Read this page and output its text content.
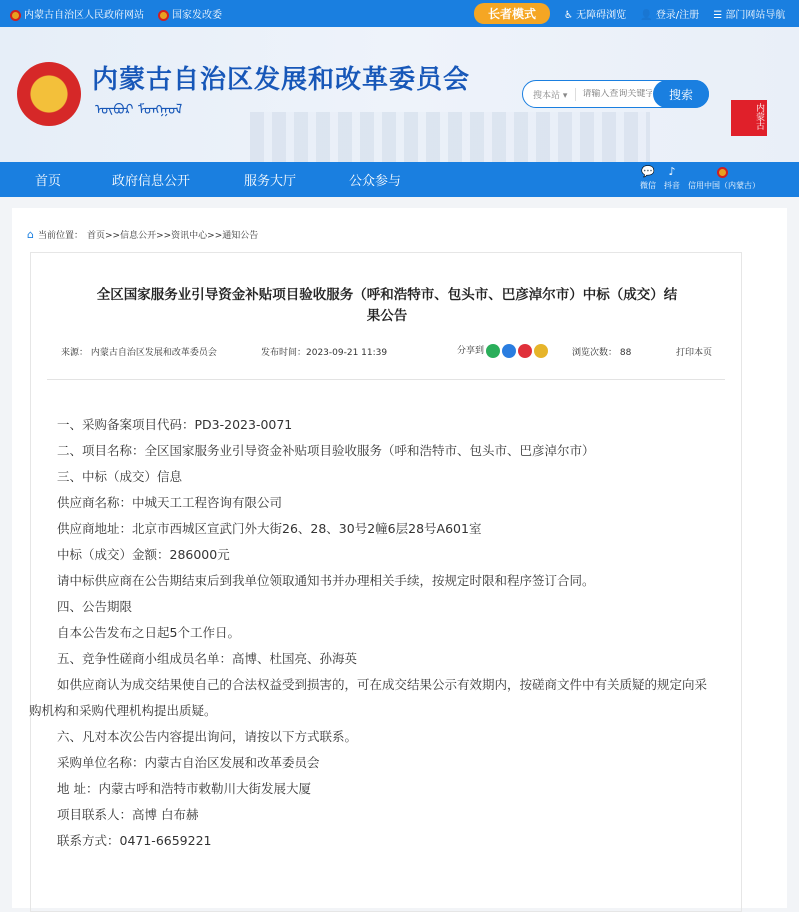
内蒙古自治区人民政府网站	国家发改委	长者模式	♿ 无障碍浏览 👤 登录/注册 ☰ 部门网站导航
内蒙古自治区发展和改革委员会
ᠥᠪᠦᠷ ᠮᠣᠩᠭᠣᠯ
搜本站 ▾
请输入查询关键字	搜索
内蒙古
首页	政府信息公开	服务大厅	公众参与
💬
微信
♪
抖音 信用中国（内蒙古）
⌂ 当前位置： 首页>>信息公开>>资讯中心>>通知公告
全区国家服务业引导资金补贴项目验收服务（呼和浩特市、包头市、巴彦淖尔市）中标（成交）结果公告
来源： 内蒙古自治区发展和改革委员会	发布时间：2023-09-21 11:39	分享到	浏览次数： 88	打印本页

一、采购备案项目代码：PD3-2023-0071

二、项目名称：全区国家服务业引导资金补贴项目验收服务（呼和浩特市、包头市、巴彦淖尔市）

三、中标（成交）信息

供应商名称：中城天工工程咨询有限公司

供应商地址：北京市西城区宣武门外大街26、28、30号2幢6层28号A601室

中标（成交）金额：286000元

请中标供应商在公告期结束后到我单位领取通知书并办理相关手续，按规定时限和程序签订合同。

四、公告期限

自本公告发布之日起5个工作日。

五、竞争性磋商小组成员名单：高博、杜国亮、孙海英

如供应商认为成交结果使自己的合法权益受到损害的，可在成交结果公示有效期内，按磋商文件中有关质疑的规定向采购机构和采购代理机构提出质疑。

六、凡对本次公告内容提出询问，请按以下方式联系。

采购单位名称：内蒙古自治区发展和改革委员会

地 址：内蒙古呼和浩特市敕勒川大街发展大厦

项目联系人：高博 白布赫

联系方式：0471-6659221
